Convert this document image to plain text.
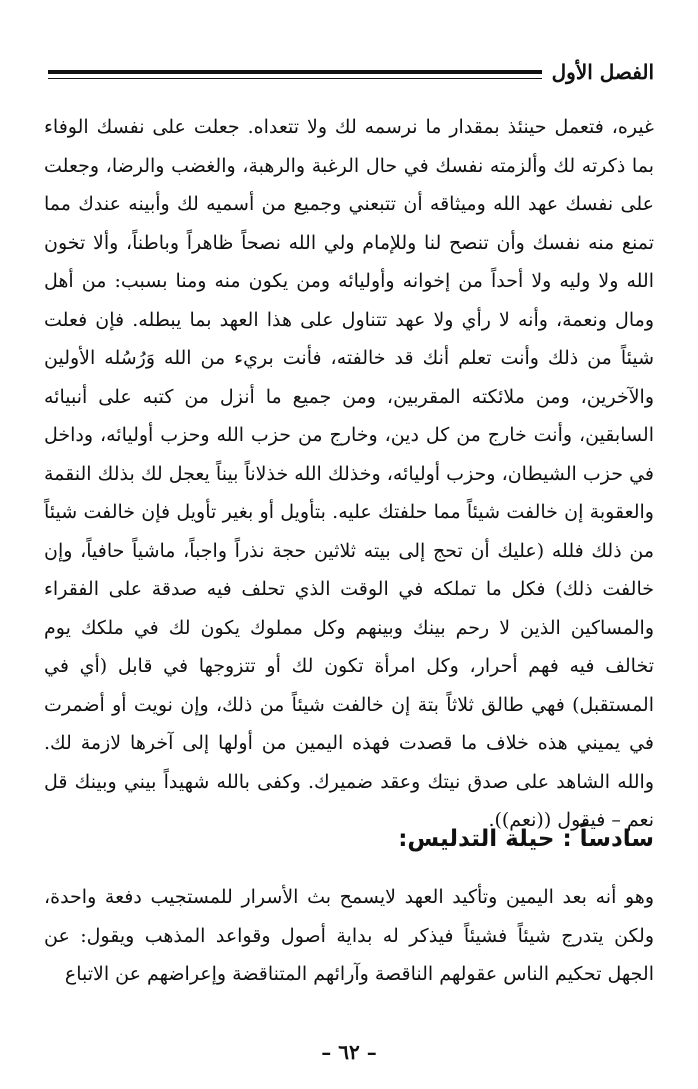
الفصل الأول

غيره، فتعمل حينئذ بمقدار ما نرسمه لك ولا تتعداه. جعلت على نفسك الوفاء بما ذكرته لك وألزمته نفسك في حال الرغبة والرهبة، والغضب والرضا، وجعلت على نفسك عهد الله وميثاقه أن تتبعني وجميع من أسميه لك وأبينه عندك مما تمنع منه نفسك وأن تنصح لنا وللإمام ولي الله نصحاً ظاهراً وباطناً، وألا تخون الله ولا وليه ولا أحداً من إخوانه وأوليائه ومن يكون منه ومنا بسبب: من أهل ومال ونعمة، وأنه لا رأي ولا عهد تتناول على هذا العهد بما يبطله. فإن فعلت شيئاً من ذلك وأنت تعلم أنك قد خالفته، فأنت بريء من الله وَرُسُله الأولين والآخرين، ومن ملائكته المقربين، ومن جميع ما أنزل من كتبه على أنبيائه السابقين، وأنت خارج من كل دين، وخارج من حزب الله وحزب أوليائه، وداخل في حزب الشيطان، وحزب أوليائه، وخذلك الله خذلاناً بيناً يعجل لك بذلك النقمة والعقوبة إن خالفت شيئاً مما حلفتك عليه. بتأويل أو بغير تأويل فإن خالفت شيئاً من ذلك فلله (عليك أن تحج إلى بيته ثلاثين حجة نذراً واجباً، ماشياً حافياً، وإن خالفت ذلك) فكل ما تملكه في الوقت الذي تحلف فيه صدقة على الفقراء والمساكين الذين لا رحم بينك وبينهم وكل مملوك يكون لك في ملكك يوم تخالف فيه فهم أحرار، وكل امرأة تكون لك أو تتزوجها في قابل (أي في المستقبل) فهي طالق ثلاثاً بتة إن خالفت شيئاً من ذلك، وإن نويت أو أضمرت في يميني هذه خلاف ما قصدت فهذه اليمين من أولها إلى آخرها لازمة لك. والله الشاهد على صدق نيتك وعقد ضميرك. وكفى بالله شهيداً بيني وبينك قل نعم – فيقول ((نعم)).

سادساً : حيلة التدليس:

وهو أنه بعد اليمين وتأكيد العهد لايسمح بث الأسرار للمستجيب دفعة واحدة، ولكن يتدرج شيئاً فشيئاً فيذكر له بداية أصول وقواعد المذهب ويقول: عن الجهل تحكيم الناس عقولهم الناقصة وآرائهم المتناقضة وإعراضهم عن الاتباع

– ٦٢ –
